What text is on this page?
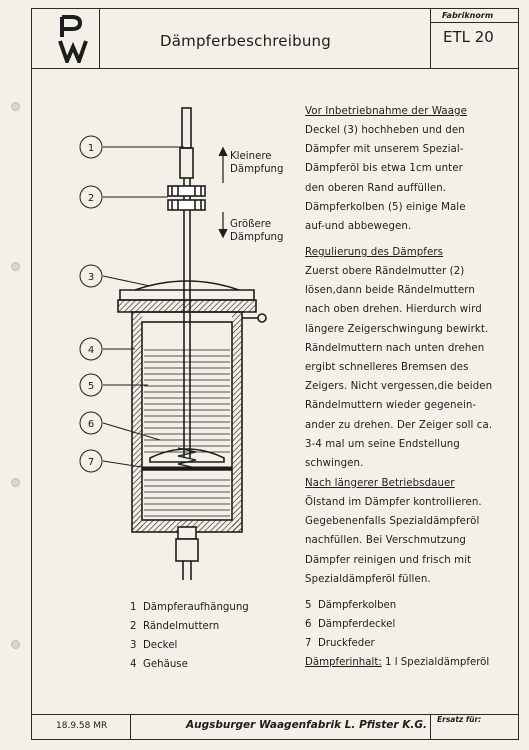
Dämpferbeschreibung
Fabriknorm
ETL 20
1
2
3
4
5
6
7
Kleinere
Dämpfung
Größere
Dämpfung
Vor Inbetriebnahme der Waage
Deckel (3) hochheben und den
Dämpfer mit unserem Spezial-
Dämpferöl bis etwa 1cm unter
den oberen Rand auffüllen.
Dämpferkolben (5) einige Male
auf-und abbewegen.
Regulierung des Dämpfers
Zuerst obere Rändelmutter (2)
lösen,dann beide Rändelmuttern
nach oben drehen. Hierdurch wird
längere Zeigerschwingung bewirkt.
Rändelmuttern nach unten drehen
ergibt schnelleres Bremsen des
Zeigers. Nicht vergessen,die beiden
Rändelmuttern wieder gegenein-
ander zu drehen. Der Zeiger soll ca.
3-4 mal um seine Endstellung
schwingen.
Nach längerer Betriebsdauer
Ölstand im Dämpfer kontrollieren.
Gegebenenfalls Spezialdämpferöl
nachfüllen. Bei Verschmutzung
Dämpfer reinigen und frisch mit
Spezialdämpferöl füllen.
1  Dämpferaufhängung
2  Rändelmuttern
3  Deckel
4  Gehäuse
5  Dämpferkolben
6  Dämpferdeckel
7  Druckfeder
Dämpferinhalt: 1 l Spezialdämpferöl
18.9.58 MR	Augsburger Waagenfabrik L. Pfister K.G. Ersatz für:
